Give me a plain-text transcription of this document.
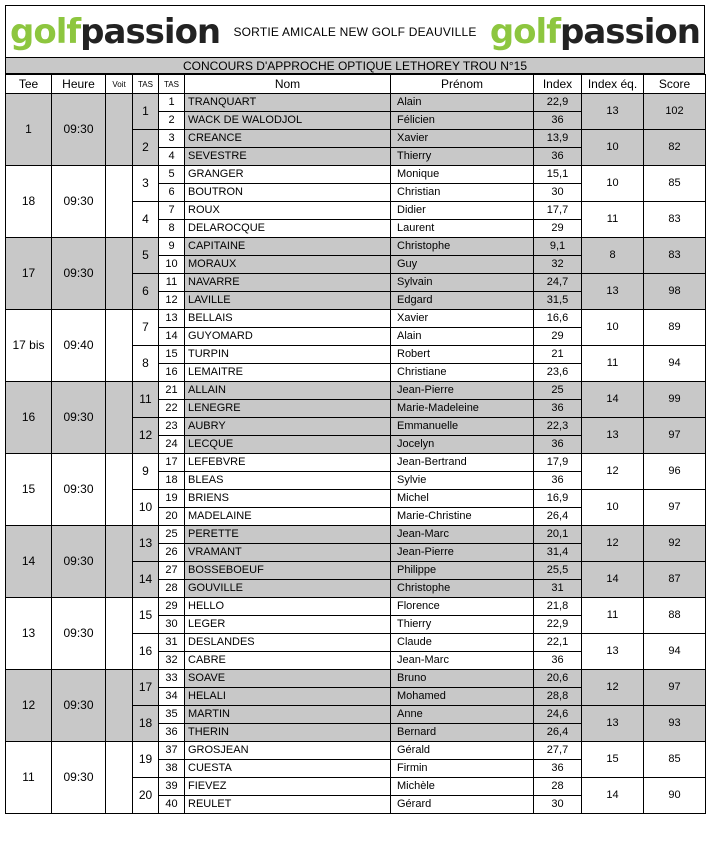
golfpassion SORTIE AMICALE NEW GOLF DEAUVILLE golfpassion
CONCOURS D'APPROCHE OPTIQUE LETHOREY TROU N°15
Tee	Heure	Voit	TAS	TAS	Nom	Prénom	Index	Index éq.	Score
1	09:30		1	1	TRANQUART	Alain	22,9	13	102
				2	WACK DE WALODJOL	Félicien	36		
			2	3	CREANCE	Xavier	13,9	10	82
				4	SEVESTRE	Thierry	36		
18	09:30		3	5	GRANGER	Monique	15,1	10	85
				6	BOUTRON	Christian	30		
			4	7	ROUX	Didier	17,7	11	83
				8	DELAROCQUE	Laurent	29		
17	09:30		5	9	CAPITAINE	Christophe	9,1	8	83
				10	MORAUX	Guy	32		
			6	11	NAVARRE	Sylvain	24,7	13	98
				12	LAVILLE	Edgard	31,5		
17 bis	09:40		7	13	BELLAIS	Xavier	16,6	10	89
				14	GUYOMARD	Alain	29		
			8	15	TURPIN	Robert	21	11	94
				16	LEMAITRE	Christiane	23,6		
16	09:30		11	21	ALLAIN	Jean-Pierre	25	14	99
				22	LENEGRE	Marie-Madeleine	36		
			12	23	AUBRY	Emmanuelle	22,3	13	97
				24	LECQUE	Jocelyn	36		
15	09:30		9	17	LEFEBVRE	Jean-Bertrand	17,9	12	96
				18	BLEAS	Sylvie	36		
			10	19	BRIENS	Michel	16,9	10	97
				20	MADELAINE	Marie-Christine	26,4		
14	09:30		13	25	PERETTE	Jean-Marc	20,1	12	92
				26	VRAMANT	Jean-Pierre	31,4		
			14	27	BOSSEBOEUF	Philippe	25,5	14	87
				28	GOUVILLE	Christophe	31		
13	09:30		15	29	HELLO	Florence	21,8	11	88
				30	LEGER	Thierry	22,9		
			16	31	DESLANDES	Claude	22,1	13	94
				32	CABRE	Jean-Marc	36		
12	09:30		17	33	SOAVE	Bruno	20,6	12	97
				34	HELALI	Mohamed	28,8		
			18	35	MARTIN	Anne	24,6	13	93
				36	THERIN	Bernard	26,4		
11	09:30		19	37	GROSJEAN	Gérald	27,7	15	85
				38	CUESTA	Firmin	36		
			20	39	FIEVEZ	Michèle	28	14	90
				40	REULET	Gérard	30		
